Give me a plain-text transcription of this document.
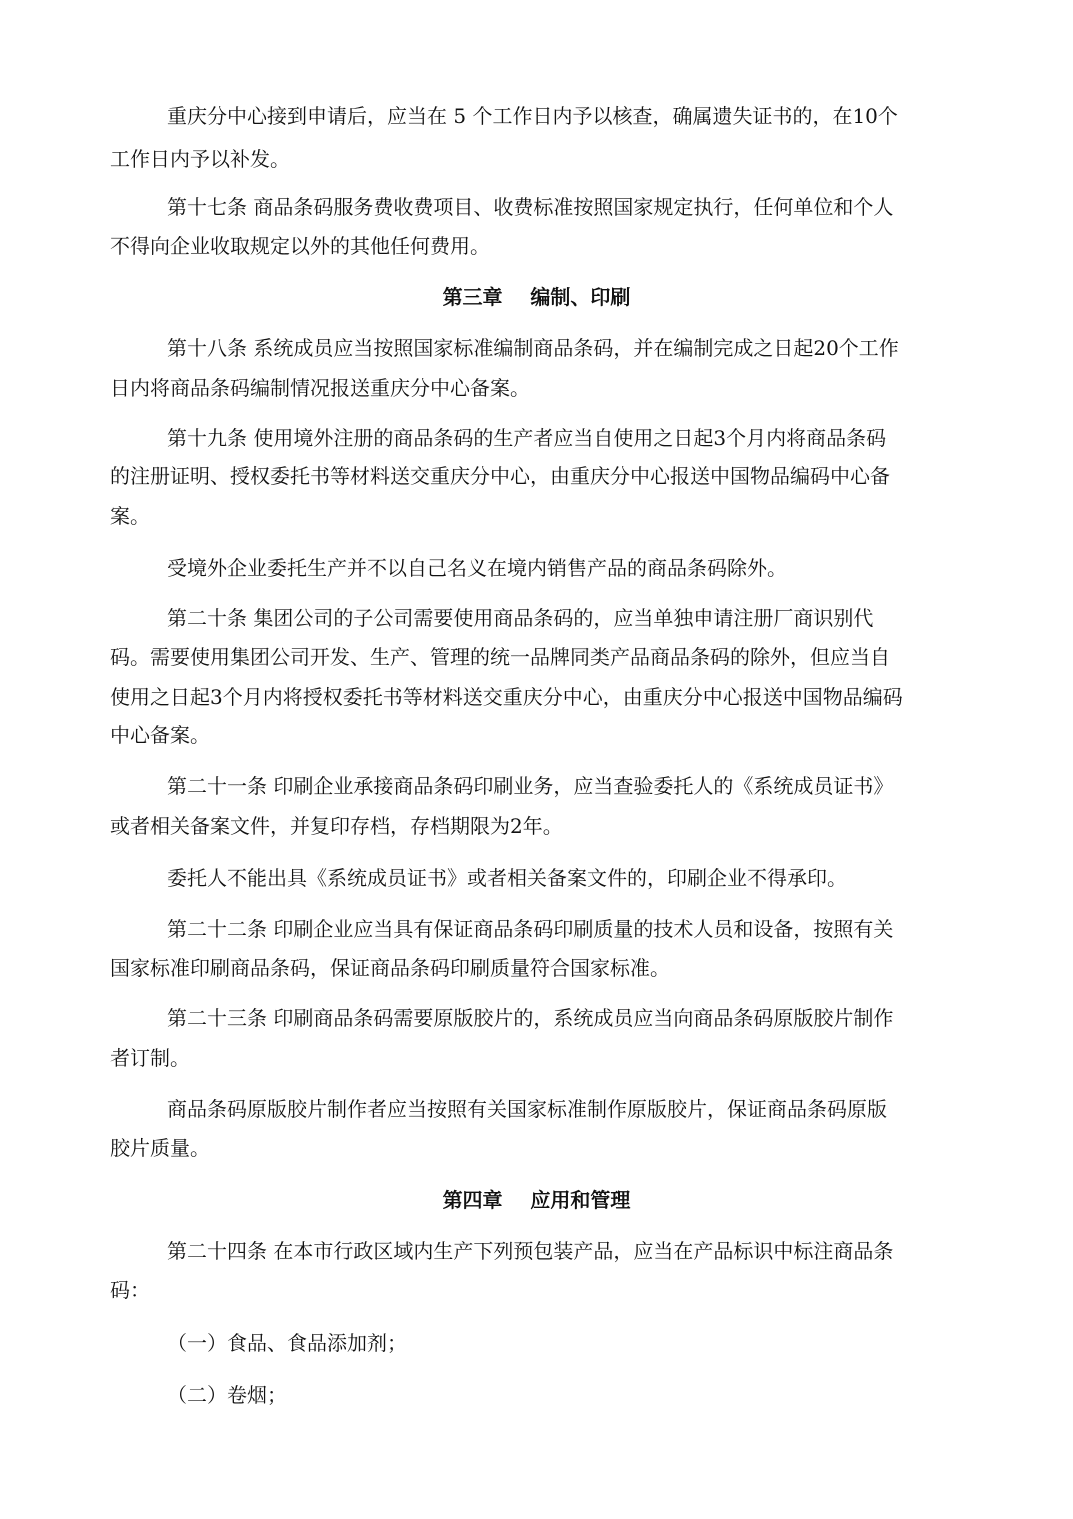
重庆分中心接到申请后，应当在 5 个工作日内予以核查，确属遗失证书的，在10个
工作日内予以补发。
第十七条 商品条码服务费收费项目、收费标准按照国家规定执行，任何单位和个人
不得向企业收取规定以外的其他任何费用。
第三章    编制、印刷
第十八条 系统成员应当按照国家标准编制商品条码，并在编制完成之日起20个工作
日内将商品条码编制情况报送重庆分中心备案。
第十九条 使用境外注册的商品条码的生产者应当自使用之日起3个月内将商品条码
的注册证明、授权委托书等材料送交重庆分中心，由重庆分中心报送中国物品编码中心备
案。
受境外企业委托生产并不以自己名义在境内销售产品的商品条码除外。
第二十条 集团公司的子公司需要使用商品条码的，应当单独申请注册厂商识别代
码。需要使用集团公司开发、生产、管理的统一品牌同类产品商品条码的除外，但应当自
使用之日起3个月内将授权委托书等材料送交重庆分中心，由重庆分中心报送中国物品编码
中心备案。
第二十一条 印刷企业承接商品条码印刷业务，应当查验委托人的《系统成员证书》
或者相关备案文件，并复印存档，存档期限为2年。
委托人不能出具《系统成员证书》或者相关备案文件的，印刷企业不得承印。
第二十二条 印刷企业应当具有保证商品条码印刷质量的技术人员和设备，按照有关
国家标准印刷商品条码，保证商品条码印刷质量符合国家标准。
第二十三条 印刷商品条码需要原版胶片的，系统成员应当向商品条码原版胶片制作
者订制。
商品条码原版胶片制作者应当按照有关国家标准制作原版胶片，保证商品条码原版
胶片质量。
第四章    应用和管理
第二十四条 在本市行政区域内生产下列预包装产品，应当在产品标识中标注商品条
码：
（一）食品、食品添加剂；
（二）卷烟；
